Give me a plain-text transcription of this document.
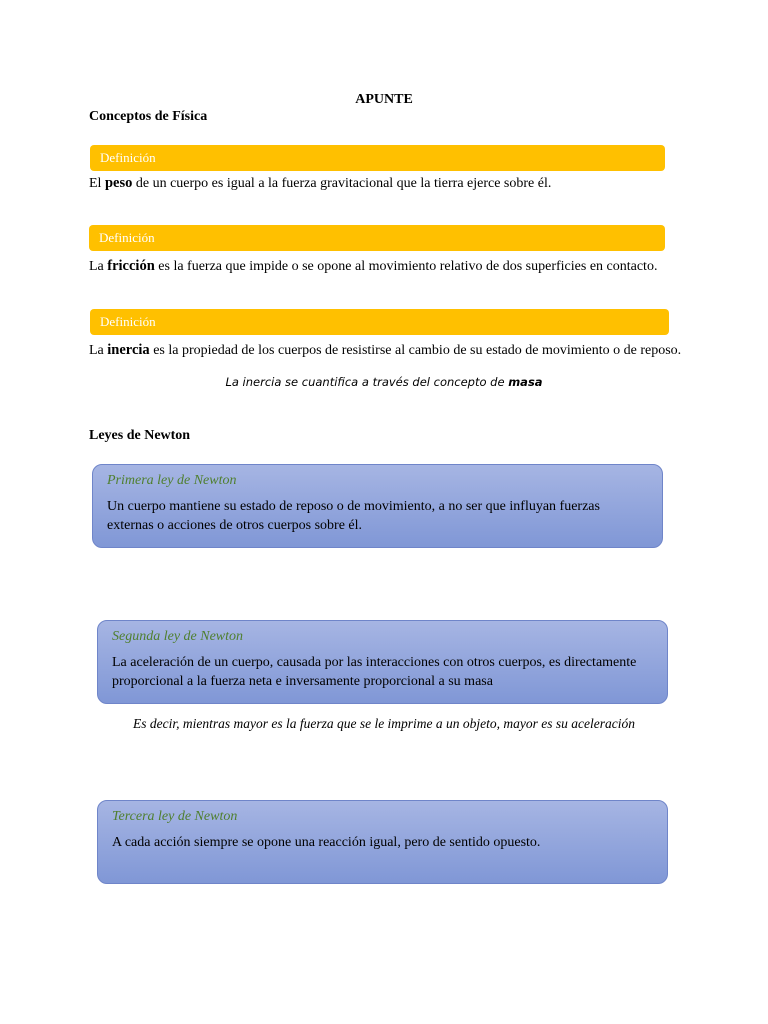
APUNTE
Conceptos de Física
Definición
El peso de un cuerpo es igual a la fuerza gravitacional que la tierra ejerce sobre él.
Definición
La fricción es la fuerza que impide o se opone al movimiento relativo de dos superficies en contacto.
Definición
La inercia es la propiedad de los cuerpos de resistirse al cambio de su estado de movimiento o de reposo.
La inercia se cuantifica a través del concepto de masa
Leyes de Newton
Primera ley de Newton
Un cuerpo mantiene su estado de reposo o de movimiento, a no ser que influyan fuerzas externas o acciones de otros cuerpos sobre él.
Segunda ley de Newton
La aceleración de un cuerpo, causada por las interacciones con otros cuerpos, es directamente proporcional a la fuerza neta e inversamente proporcional a su masa
Es decir, mientras mayor es la fuerza que se le imprime a un objeto, mayor es su aceleración
Tercera ley de Newton
A cada acción siempre se opone una reacción igual, pero de sentido opuesto.
